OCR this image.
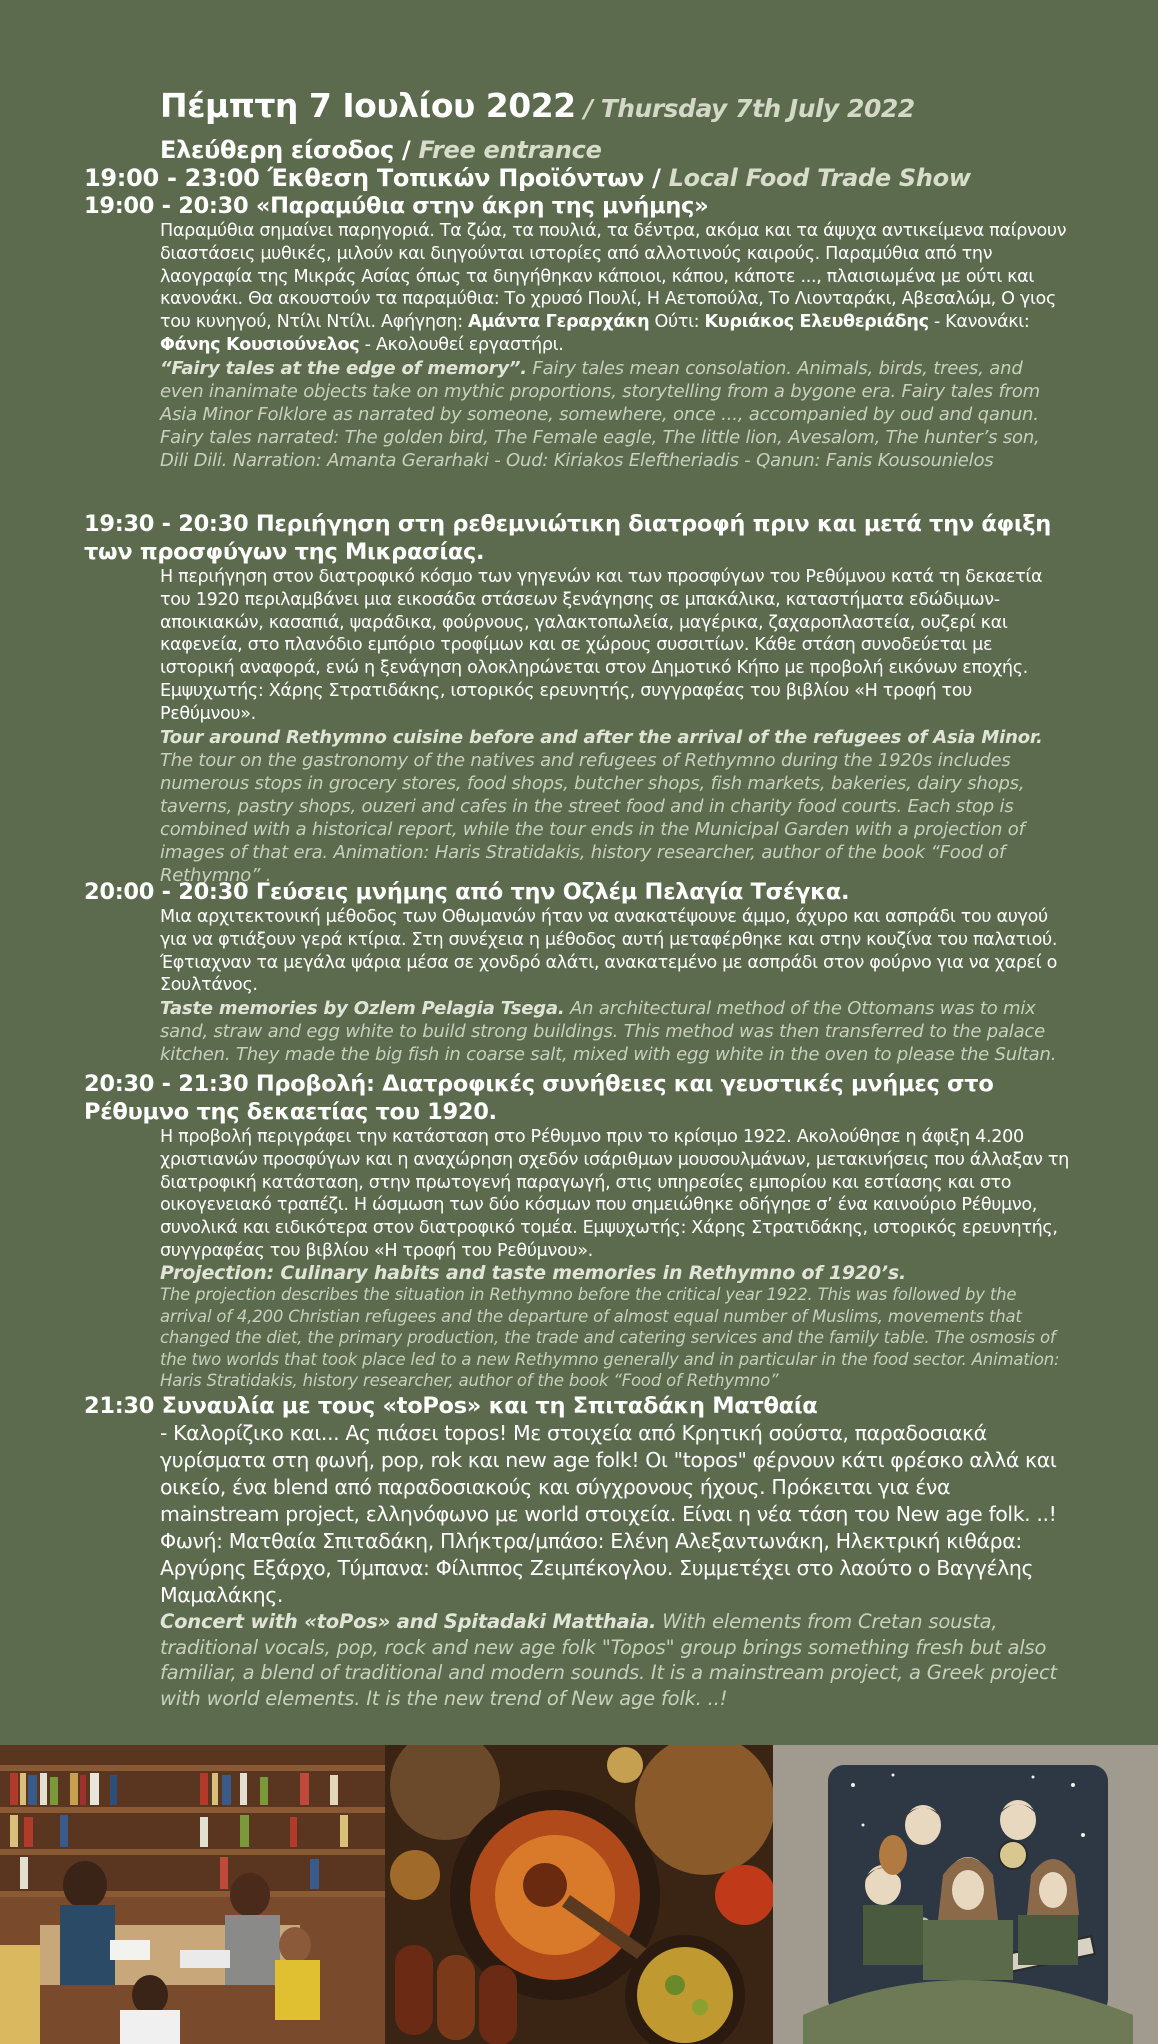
Πέμπτη 7 Ιουλίου 2022 / Thursday 7th July 2022
Ελεύθερη είσοδος / Free entrance
19:00 - 23:00 Έκθεση Τοπικών Προϊόντων / Local Food Trade Show
19:00 - 20:30 «Παραμύθια στην άκρη της μνήμης»
Παραμύθια σημαίνει παρηγοριά. Τα ζώα, τα πουλιά, τα δέντρα, ακόμα και τα άψυχα αντικείμενα παίρνουν διαστάσεις μυθικές, μιλούν και διηγούνται ιστορίες από αλλοτινούς καιρούς. Παραμύθια από την λαογραφία της Μικράς Ασίας όπως τα διηγήθηκαν κάποιοι, κάπου, κάποτε ..., πλαισιωμένα με ούτι και κανονάκι. Θα ακουστούν τα παραμύθια: Το χρυσό Πουλί, Η Αετοπούλα, Το Λιονταράκι, Αβεσαλώμ, Ο γιος του κυνηγού, Ντίλι Ντίλι. Αφήγηση: Αμάντα Γεραρχάκη Ούτι: Κυριάκος Ελευθεριάδης - Κανονάκι: Φάνης Κουσιούνελος - Ακολουθεί εργαστήρι.
“Fairy tales at the edge of memory”. Fairy tales mean consolation. Animals, birds, trees, and even inanimate objects take on mythic proportions, storytelling from a bygone era. Fairy tales from Asia Minor Folklore as narrated by someone, somewhere, once ..., accompanied by oud and qanun. Fairy tales narrated: The golden bird, The Female eagle, The little lion, Avesalom, The hunter’s son, Dili Dili. Narration: Amanta Gerarhaki - Oud: Kiriakos Eleftheriadis - Qanun: Fanis Kousounielos
19:30 - 20:30 Περιήγηση στη ρεθεμνιώτικη διατροφή πριν και μετά την άφιξη των προσφύγων της Μικρασίας.
Η περιήγηση στον διατροφικό κόσμο των γηγενών και των προσφύγων του Ρεθύμνου κατά τη δεκαετία του 1920 περιλαμβάνει μια εικοσάδα στάσεων ξενάγησης σε μπακάλικα, καταστήματα εδώδιμων-αποικιακών, κασαπιά, ψαράδικα, φούρνους, γαλακτοπωλεία, μαγέρικα, ζαχαροπλαστεία, ουζερί και καφενεία, στο πλανόδιο εμπόριο τροφίμων και σε χώρους συσσιτίων. Κάθε στάση συνοδεύεται με ιστορική αναφορά, ενώ η ξενάγηση ολοκληρώνεται στον Δημοτικό Κήπο με προβολή εικόνων εποχής. Εμψυχωτής: Χάρης Στρατιδάκης, ιστορικός ερευνητής, συγγραφέας του βιβλίου «Η τροφή του Ρεθύμνου».
Tour around Rethymno cuisine before and after the arrival of the refugees of Asia Minor. The tour on the gastronomy of the natives and refugees of Rethymno during the 1920s includes numerous stops in grocery stores, food shops, butcher shops, fish markets, bakeries, dairy shops, taverns, pastry shops, ouzeri and cafes in the street food and in charity food courts. Each stop is combined with a historical report, while the tour ends in the Municipal Garden with a projection of images of that era. Animation: Haris Stratidakis, history researcher, author of the book “Food of Rethymno” .
20:00 - 20:30 Γεύσεις μνήμης από την Οζλέμ Πελαγία Τσέγκα.
Μια αρχιτεκτονική μέθοδος των Οθωμανών ήταν να ανακατέψουνε άμμο, άχυρο και ασπράδι του αυγού για να φτιάξουν γερά κτίρια. Στη συνέχεια η μέθοδος αυτή μεταφέρθηκε και στην κουζίνα του παλατιού. Έφτιαχναν τα μεγάλα ψάρια μέσα σε χονδρό αλάτι, ανακατεμένο με ασπράδι στον φούρνο για να χαρεί ο Σουλτάνος.
Taste memories by Ozlem Pelagia Tsega. An architectural method of the Ottomans was to mix sand, straw and egg white to build strong buildings. This method was then transferred to the palace kitchen. They made the big fish in coarse salt, mixed with egg white in the oven to please the Sultan.
20:30 - 21:30 Προβολή: Διατροφικές συνήθειες και γευστικές μνήμες στο Ρέθυμνο της δεκαετίας του 1920.
Η προβολή περιγράφει την κατάσταση στο Ρέθυμνο πριν το κρίσιμο 1922. Ακολούθησε η άφιξη 4.200 χριστιανών προσφύγων και η αναχώρηση σχεδόν ισάριθμων μουσουλμάνων, μετακινήσεις που άλλαξαν τη διατροφική κατάσταση, στην πρωτογενή παραγωγή, στις υπηρεσίες εμπορίου και εστίασης και στο οικογενειακό τραπέζι. Η ώσμωση των δύο κόσμων που σημειώθηκε οδήγησε σ’ ένα καινούριο Ρέθυμνο, συνολικά και ειδικότερα στον διατροφικό τομέα. Εμψυχωτής: Χάρης Στρατιδάκης, ιστορικός ερευνητής, συγγραφέας του βιβλίου «Η τροφή του Ρεθύμνου».
Projection: Culinary habits and taste memories in Rethymno of 1920’s.
The projection describes the situation in Rethymno before the critical year 1922. This was followed by the arrival of 4,200 Christian refugees and the departure of almost equal number of Muslims, movements that changed the diet, the primary production, the trade and catering services and the family table. The osmosis of the two worlds that took place led to a new Rethymno generally and in particular in the food sector. Animation: Haris Stratidakis, history researcher, author of the book “Food of Rethymno”
21:30 Συναυλία με τους «toPos» και τη Σπιταδάκη Ματθαία
- Καλορίζικο και... Ας πιάσει topos! Με στοιχεία από Κρητική σούστα, παραδοσιακά γυρίσματα στη φωνή, pop, rok και new age folk! Οι "topos" φέρνουν κάτι φρέσκο αλλά και οικείο, ένα blend από παραδοσιακούς και σύγχρονους ήχους. Πρόκειται για ένα mainstream project, ελληνόφωνο με world στοιχεία. Είναι η νέα τάση του New age folk. ..! Φωνή: Ματθαία Σπιταδάκη, Πλήκτρα/μπάσο: Ελένη Αλεξαντωνάκη, Ηλεκτρική κιθάρα: Αργύρης Εξάρχο, Τύμπανα: Φίλιππος Ζειμπέκογλου. Συμμετέχει στο λαούτο ο Βαγγέλης Μαμαλάκης.
Concert with «toPos» and Spitadaki Matthaia. With elements from Cretan sousta, traditional vocals, pop, rock and new age folk "Topos" group brings something fresh but also familiar, a blend of traditional and modern sounds. It is a mainstream project, a Greek project with world elements. It is the new trend of New age folk. ..!
